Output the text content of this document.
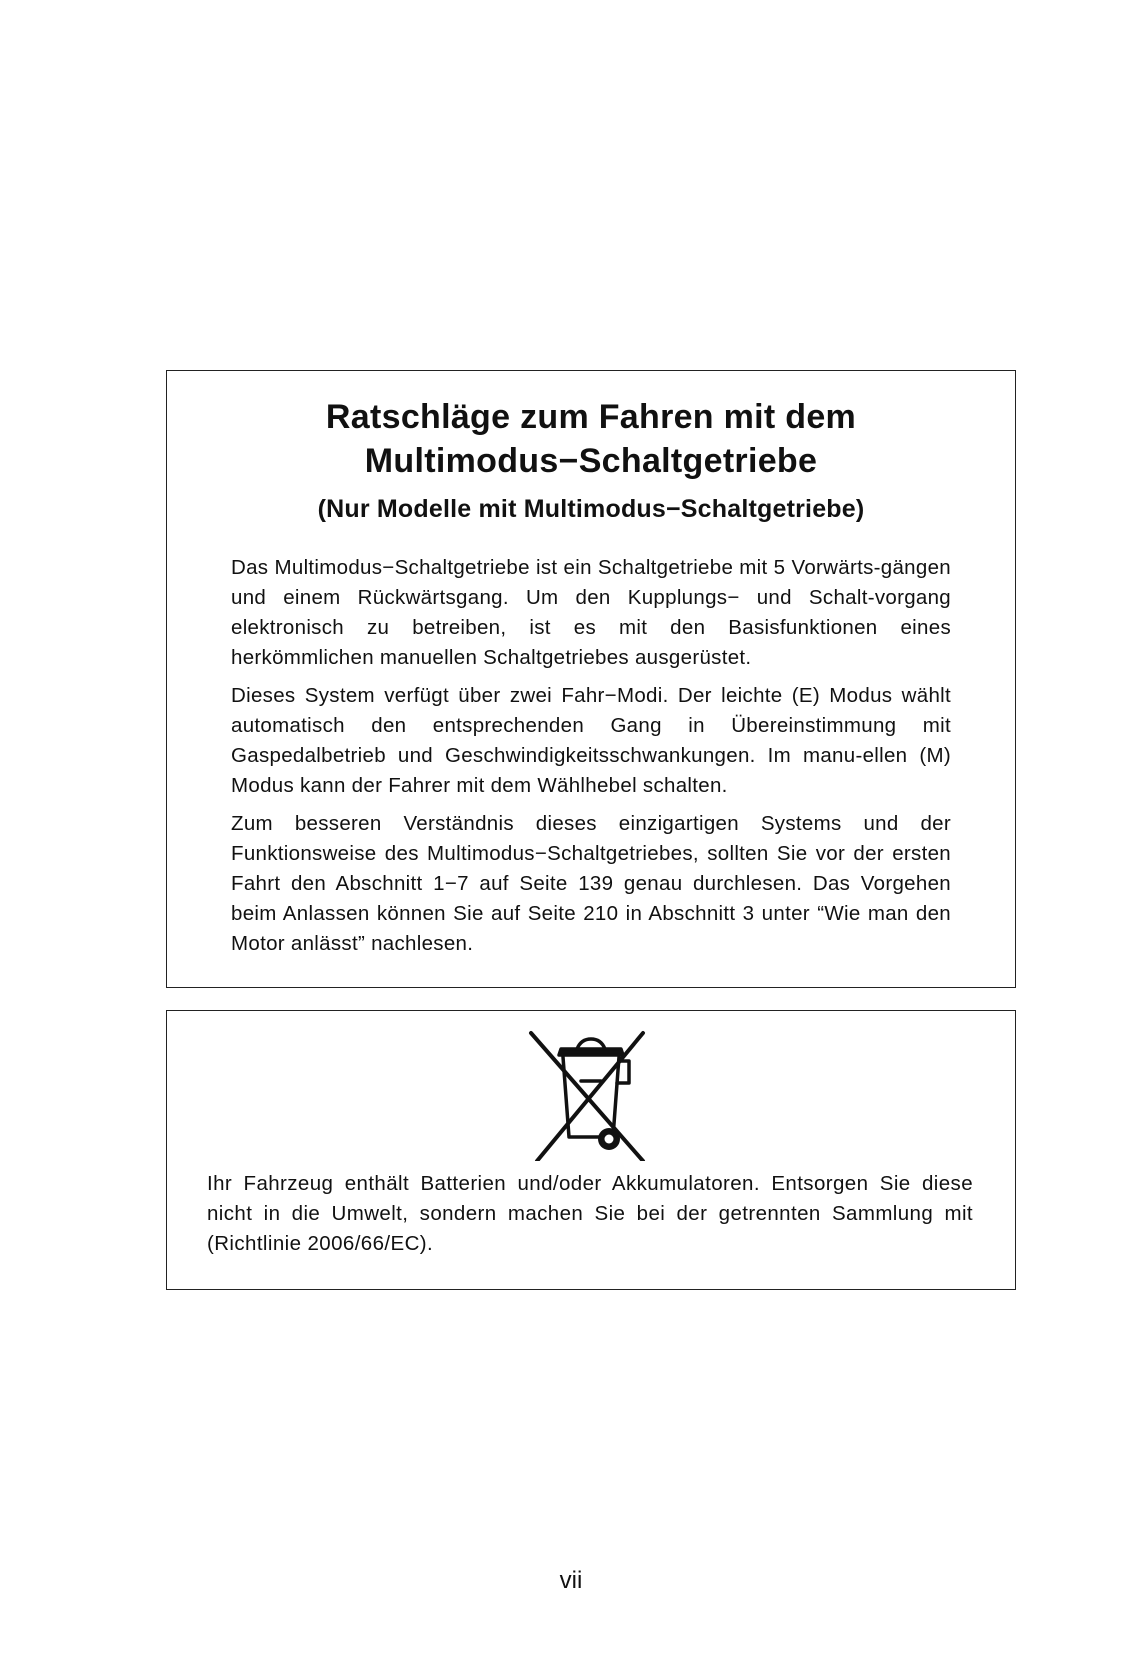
Ratschläge zum Fahren mit dem
Multimodus−Schaltgetriebe
(Nur Modelle mit Multimodus−Schaltgetriebe)

Das Multimodus−Schaltgetriebe ist ein Schaltgetriebe mit 5 Vorwärts-gängen und einem Rückwärtsgang. Um den Kupplungs− und Schalt-vorgang elektronisch zu betreiben, ist es mit den Basisfunktionen eines herkömmlichen manuellen Schaltgetriebes ausgerüstet.

Dieses System verfügt über zwei Fahr−Modi. Der leichte (E) Modus wählt automatisch den entsprechenden Gang in Übereinstimmung mit Gaspedalbetrieb und Geschwindigkeitsschwankungen. Im manu-ellen (M) Modus kann der Fahrer mit dem Wählhebel schalten.

Zum besseren Verständnis dieses einzigartigen Systems und der Funktionsweise des Multimodus−Schaltgetriebes, sollten Sie vor der ersten Fahrt den Abschnitt 1−7 auf Seite 139 genau durchlesen. Das Vorgehen beim Anlassen können Sie auf Seite 210 in Abschnitt 3 unter “Wie man den Motor anlässt” nachlesen.

Ihr Fahrzeug enthält Batterien und/oder Akkumulatoren. Entsorgen Sie diese nicht in die Umwelt, sondern machen Sie bei der getrennten Sammlung mit (Richtlinie 2006/66/EC).

vii
